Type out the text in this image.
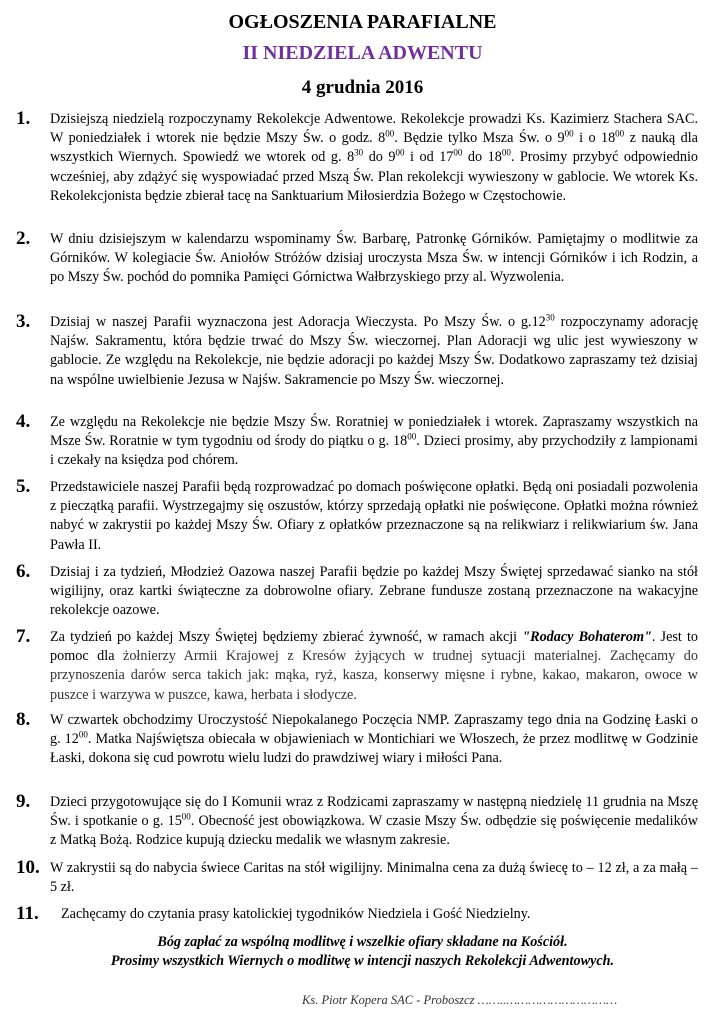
OGŁOSZENIA PARAFIALNE
II NIEDZIELA ADWENTU
4 grudnia 2016
1. Dzisiejszą niedzielą rozpoczynamy Rekolekcje Adwentowe. Rekolekcje prowadzi Ks. Kazimierz Stachera SAC. W poniedziałek i wtorek nie będzie Mszy Św. o godz. $8^{00}$. Będzie tylko Msza Św. o $9^{00}$ i o $18^{00}$ z nauką dla wszystkich Wiernych. Spowiedź we wtorek od g. $8^{30}$ do $9^{00}$ i od $17^{00}$ do $18^{00}$. Prosimy przybyć odpowiednio wcześniej, aby zdążyć się wyspowiadać przed Mszą Św. Plan rekolekcji wywieszony w gablocie. We wtorek Ks. Rekolekcjonista będzie zbierał tacę na Sanktuarium Miłosierdzia Bożego w Częstochowie.
2. W dniu dzisiejszym w kalendarzu wspominamy Św. Barbarę, Patronkę Górników. Pamiętajmy o modlitwie za Górników. W kolegiacie Św. Aniołów Stróżów dzisiaj uroczysta Msza Św. w intencji Górników i ich Rodzin, a po Mszy Św. pochód do pomnika Pamięci Górnictwa Wałbrzyskiego przy al. Wyzwolenia.
3. Dzisiaj w naszej Parafii wyznaczona jest Adoracja Wieczysta. Po Mszy Św. o $g.12^{30}$ rozpoczynamy adorację Najśw. Sakramentu, która będzie trwać do Mszy Św. wieczornej. Plan Adoracji wg ulic jest wywieszony w gablocie. Ze względu na Rekolekcje, nie będzie adoracji po każdej Mszy Św. Dodatkowo zapraszamy też dzisiaj na wspólne uwielbienie Jezusa w Najśw. Sakramencie po Mszy Św. wieczornej.
4. Ze względu na Rekolekcje nie będzie Mszy Św. Roratniej w poniedziałek i wtorek. Zapraszamy wszystkich na Msze Św. Roratnie w tym tygodniu od środy do piątku o g. $18^{00}$. Dzieci prosimy, aby przychodziły z lampionami i czekały na księdza pod chórem.
5. Przedstawiciele naszej Parafii będą rozprowadzać po domach poświęcone opłatki. Będą oni posiadali pozwolenia z pieczątką parafii. Wystrzegajmy się oszustów, którzy sprzedają opłatki nie poświęcone. Opłatki można również nabyć w zakrystii po każdej Mszy Św. Ofiary z opłatków przeznaczone są na relikwiarz i relikwiarium św. Jana Pawła II.
6. Dzisiaj i za tydzień, Młodzież Oazowa naszej Parafii będzie po każdej Mszy Świętej sprzedawać sianko na stół wigilijny, oraz kartki świąteczne za dobrowolne ofiary. Zebrane fundusze zostaną przeznaczone na wakacyjne rekolekcje oazowe.
7. Za tydzień po każdej Mszy Świętej będziemy zbierać żywność, w ramach akcji "Rodacy Bohaterom". Jest to pomoc dla żołnierzy Armii Krajowej z Kresów żyjących w trudnej sytuacji materialnej. Zachęcamy do przynoszenia darów serca takich jak: mąka, ryż, kasza, konserwy mięsne i rybne, kakao, makaron, owoce w puszce i warzywa w puszce, kawa, herbata i słodycze.
8. W czwartek obchodzimy Uroczystość Niepokalanego Poczęcia NMP. Zapraszamy tego dnia na Godzinę Łaski o g. $12^{00}$. Matka Najświętsza obiecała w objawieniach w Montichiari we Włoszech, że przez modlitwę w Godzinie Łaski, dokona się cud powrotu wielu ludzi do prawdziwej wiary i miłości Pana.
9. Dzieci przygotowujące się do I Komunii wraz z Rodzicami zapraszamy w następną niedzielę 11 grudnia na Mszę Św. i spotkanie o g. $15^{00}$. Obecność jest obowiązkowa. W czasie Mszy Św. odbędzie się poświęcenie medalików z Matką Bożą. Rodzice kupują dziecku medalik we własnym zakresie.
10. W zakrystii są do nabycia świece Caritas na stół wigilijny. Minimalna cena za dużą świecę to – 12 zł, a za małą – 5 zł.
11. Zachęcamy do czytania prasy katolickiej tygodników Niedziela i Gość Niedzielny.
Bóg zapłać za wspólną modlitwę i wszelkie ofiary składane na Kościół.
Prosimy wszystkich Wiernych o modlitwę w intencji naszych Rekolekcji Adwentowych.
Ks. Piotr Kopera SAC - Proboszcz ……..…………………………
